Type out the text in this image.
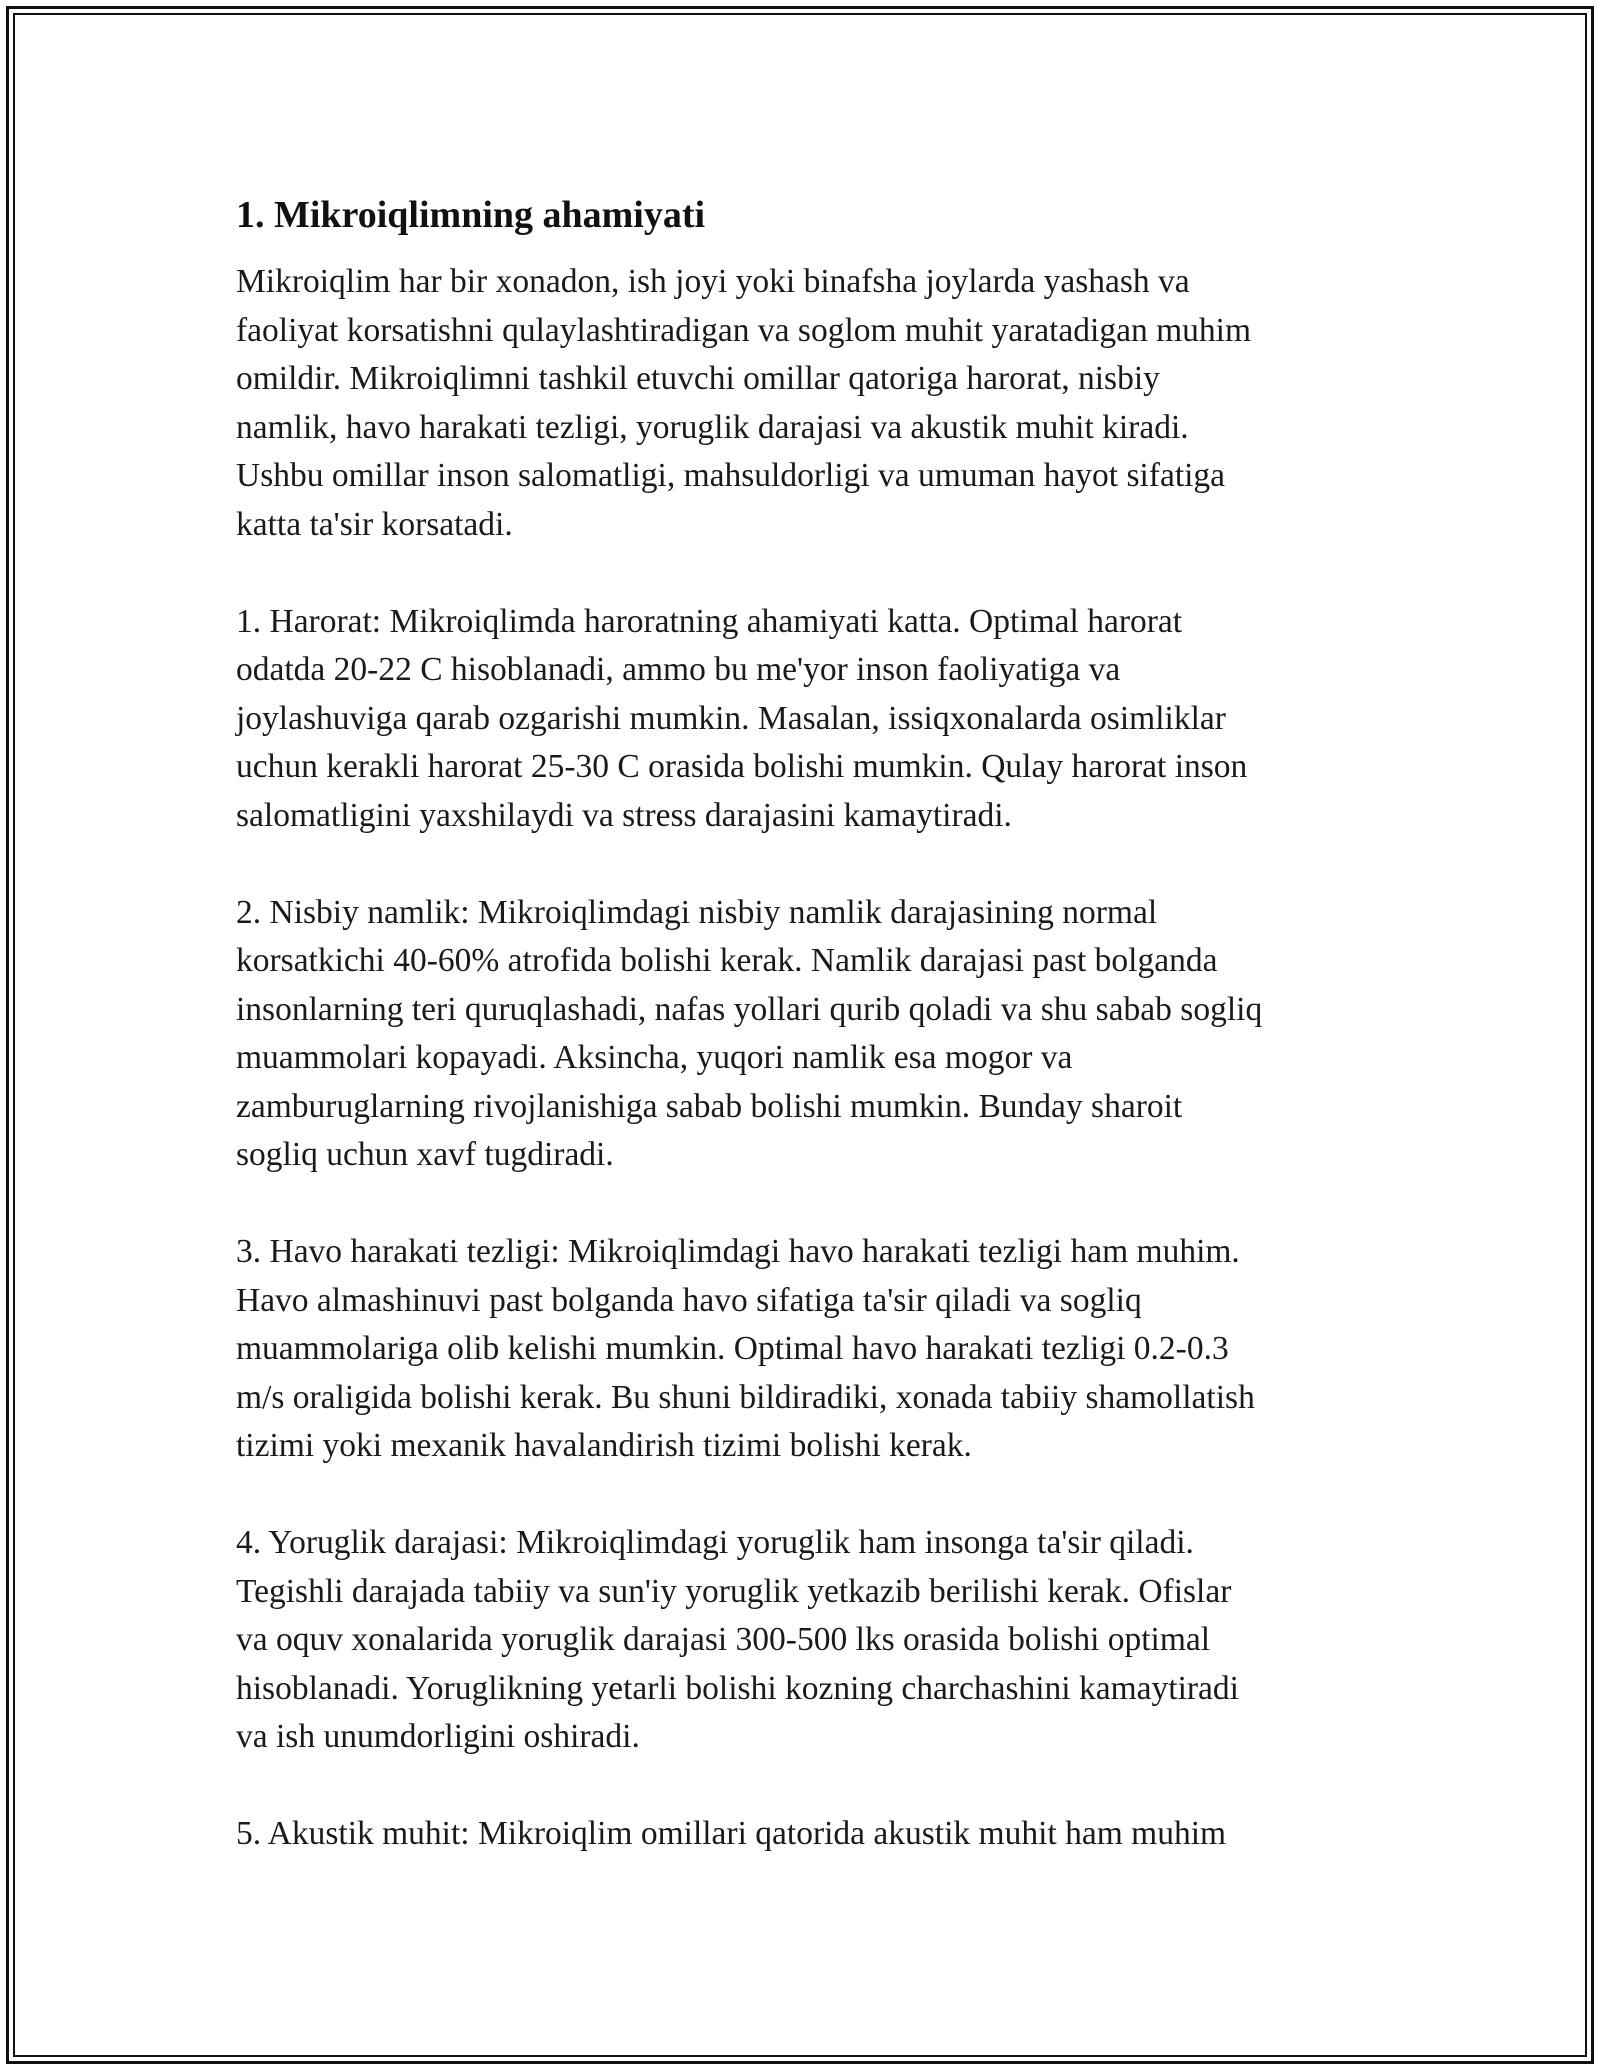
1. Mikroiqlimning ahamiyati

Mikroiqlim har bir xonadon, ish joyi yoki binafsha joylarda yashash va
faoliyat korsatishni qulaylashtiradigan va soglom muhit yaratadigan muhim
omildir. Mikroiqlimni tashkil etuvchi omillar qatoriga harorat, nisbiy
namlik, havo harakati tezligi, yoruglik darajasi va akustik muhit kiradi.
Ushbu omillar inson salomatligi, mahsuldorligi va umuman hayot sifatiga
katta ta'sir korsatadi.

1. Harorat: Mikroiqlimda haroratning ahamiyati katta. Optimal harorat
odatda 20-22 C hisoblanadi, ammo bu me'yor inson faoliyatiga va
joylashuviga qarab ozgarishi mumkin. Masalan, issiqxonalarda osimliklar
uchun kerakli harorat 25-30 C orasida bolishi mumkin. Qulay harorat inson
salomatligini yaxshilaydi va stress darajasini kamaytiradi.

2. Nisbiy namlik: Mikroiqlimdagi nisbiy namlik darajasining normal
korsatkichi 40-60% atrofida bolishi kerak. Namlik darajasi past bolganda
insonlarning teri quruqlashadi, nafas yollari qurib qoladi va shu sabab sogliq
muammolari kopayadi. Aksincha, yuqori namlik esa mogor va
zamburuglarning rivojlanishiga sabab bolishi mumkin. Bunday sharoit
sogliq uchun xavf tugdiradi.

3. Havo harakati tezligi: Mikroiqlimdagi havo harakati tezligi ham muhim.
Havo almashinuvi past bolganda havo sifatiga ta'sir qiladi va sogliq
muammolariga olib kelishi mumkin. Optimal havo harakati tezligi 0.2-0.3
m/s oraligida bolishi kerak. Bu shuni bildiradiki, xonada tabiiy shamollatish
tizimi yoki mexanik havalandirish tizimi bolishi kerak.

4. Yoruglik darajasi: Mikroiqlimdagi yoruglik ham insonga ta'sir qiladi.
Tegishli darajada tabiiy va sun'iy yoruglik yetkazib berilishi kerak. Ofislar
va oquv xonalarida yoruglik darajasi 300-500 lks orasida bolishi optimal
hisoblanadi. Yoruglikning yetarli bolishi kozning charchashini kamaytiradi
va ish unumdorligini oshiradi.

5. Akustik muhit: Mikroiqlim omillari qatorida akustik muhit ham muhim
